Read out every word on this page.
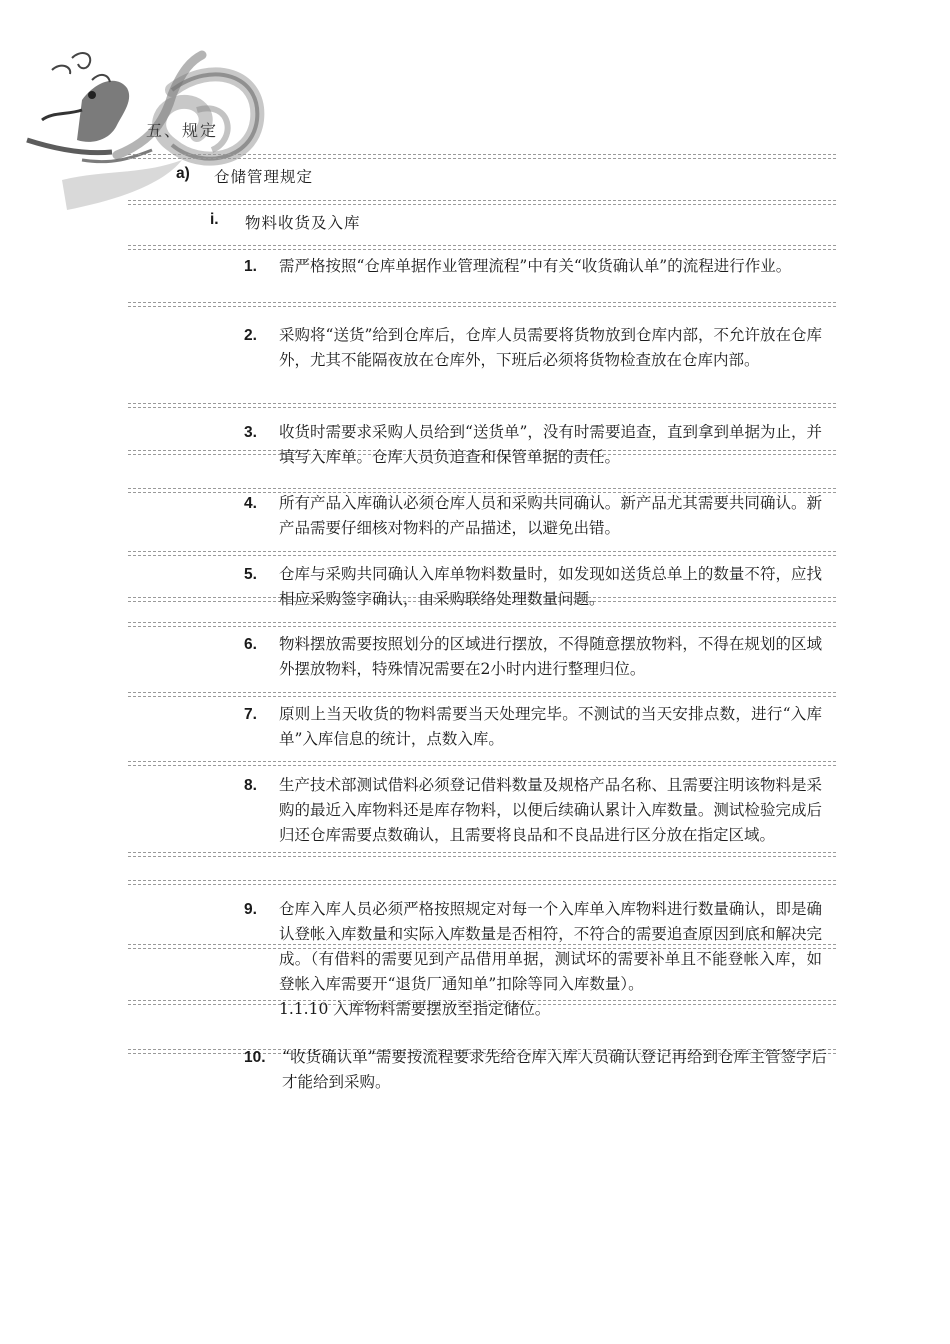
五、规定
a) 仓储管理规定
i. 物料收货及入库
1. 需严格按照“仓库单据作业管理流程”中有关“收货确认单”的流程进行作业。
2. 采购将“送货”给到仓库后，仓库人员需要将货物放到仓库内部，不允许放在仓库外，尤其不能隔夜放在仓库外，下班后必须将货物检查放在仓库内部。
3. 收货时需要求采购人员给到“送货单”，没有时需要追查，直到拿到单据为止，并填写入库单。仓库人员负追查和保管单据的责任。
4. 所有产品入库确认必须仓库人员和采购共同确认。新产品尤其需要共同确认。新产品需要仔细核对物料的产品描述，以避免出错。
5. 仓库与采购共同确认入库单物料数量时，如发现如送货总单上的数量不符，应找相应采购签字确认，由采购联络处理数量问题。
6. 物料摆放需要按照划分的区域进行摆放，不得随意摆放物料，不得在规划的区域外摆放物料，特殊情况需要在2小时内进行整理归位。
7. 原则上当天收货的物料需要当天处理完毕。不测试的当天安排点数，进行“入库单”入库信息的统计，点数入库。
8. 生产技术部测试借料必须登记借料数量及规格产品名称、且需要注明该物料是采购的最近入库物料还是库存物料，以便后续确认累计入库数量。测试检验完成后归还仓库需要点数确认，且需要将良品和不良品进行区分放在指定区域。
9. 仓库入库人员必须严格按照规定对每一个入库单入库物料进行数量确认，即是确认登帐入库数量和实际入库数量是否相符，不符合的需要追查原因到底和解决完成。（有借料的需要见到产品借用单据，测试坏的需要补单且不能登帐入库，如登帐入库需要开“退货厂通知单”扣除等同入库数量）。
1.1.10 入库物料需要摆放至指定储位。
10. “收货确认单”需要按流程要求先给仓库入库人员确认登记再给到仓库主管签字后才能给到采购。
